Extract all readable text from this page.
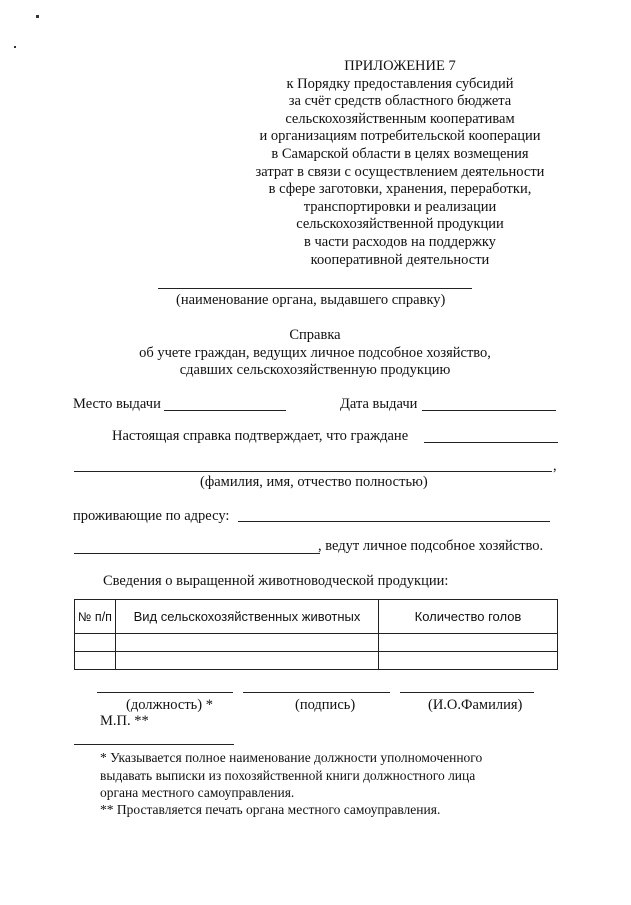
ПРИЛОЖЕНИЕ 7
к Порядку предоставления субсидий
за счёт средств областного бюджета
сельскохозяйственным кооперативам
и организациям потребительской кооперации
в Самарской области в целях возмещения
затрат в связи с осуществлением деятельности
в сфере заготовки, хранения, переработки,
транспортировки и реализации
сельскохозяйственной продукции
в части расходов на поддержку
кооперативной деятельности
(наименование органа, выдавшего справку)
Справка
об учете граждан, ведущих личное подсобное хозяйство,
сдавших сельскохозяйственную продукцию
Место выдачи	Дата выдачи
Настоящая справка подтверждает, что граждане
,
(фамилия, имя, отчество полностью)
проживающие по адресу:
, ведут личное подсобное хозяйство.
Сведения о выращенной животноводческой продукции:
№ п/п	Вид сельскохозяйственных животных	Количество голов

(должность) *	(подпись)	(И.О.Фамилия)
М.П. **
* Указывается полное наименование должности уполномоченного
выдавать выписки из похозяйственной книги должностного лица
органа местного самоуправления.
** Проставляется печать органа местного самоуправления.
